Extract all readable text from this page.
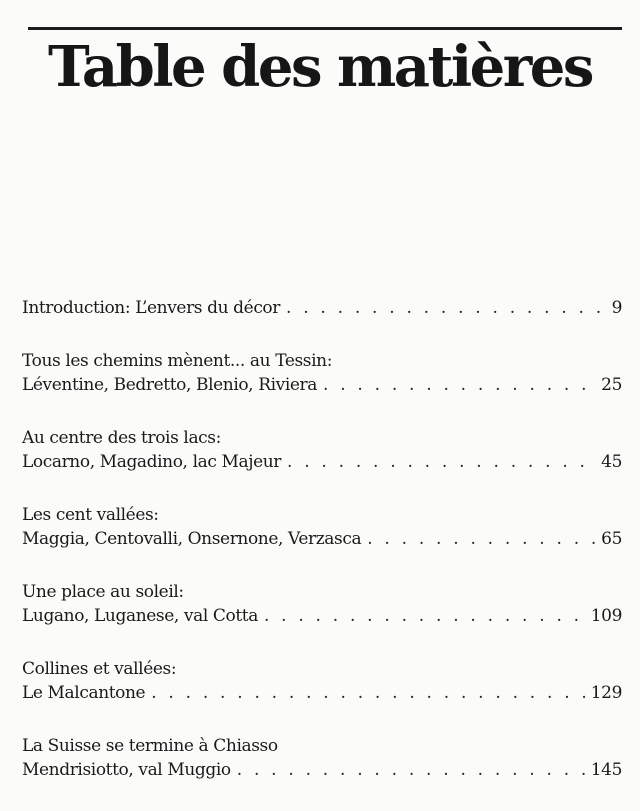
Table des matières
Introduction: L’envers du décor . . .	9
Tous les chemins mènent... au Tessin:
Léventine, Bedretto, Blenio, Riviera . . .	25
Au centre des trois lacs:
Locarno, Magadino, lac Majeur . . .	45
Les cent vallées:
Maggia, Centovalli, Onsernone, Verzasca . . .	65
Une place au soleil:
Lugano, Luganese, val Cotta . . .	109
Collines et vallées:
Le Malcantone . . .	129
La Suisse se termine à Chiasso
Mendrisiotto, val Muggio . . .	145
